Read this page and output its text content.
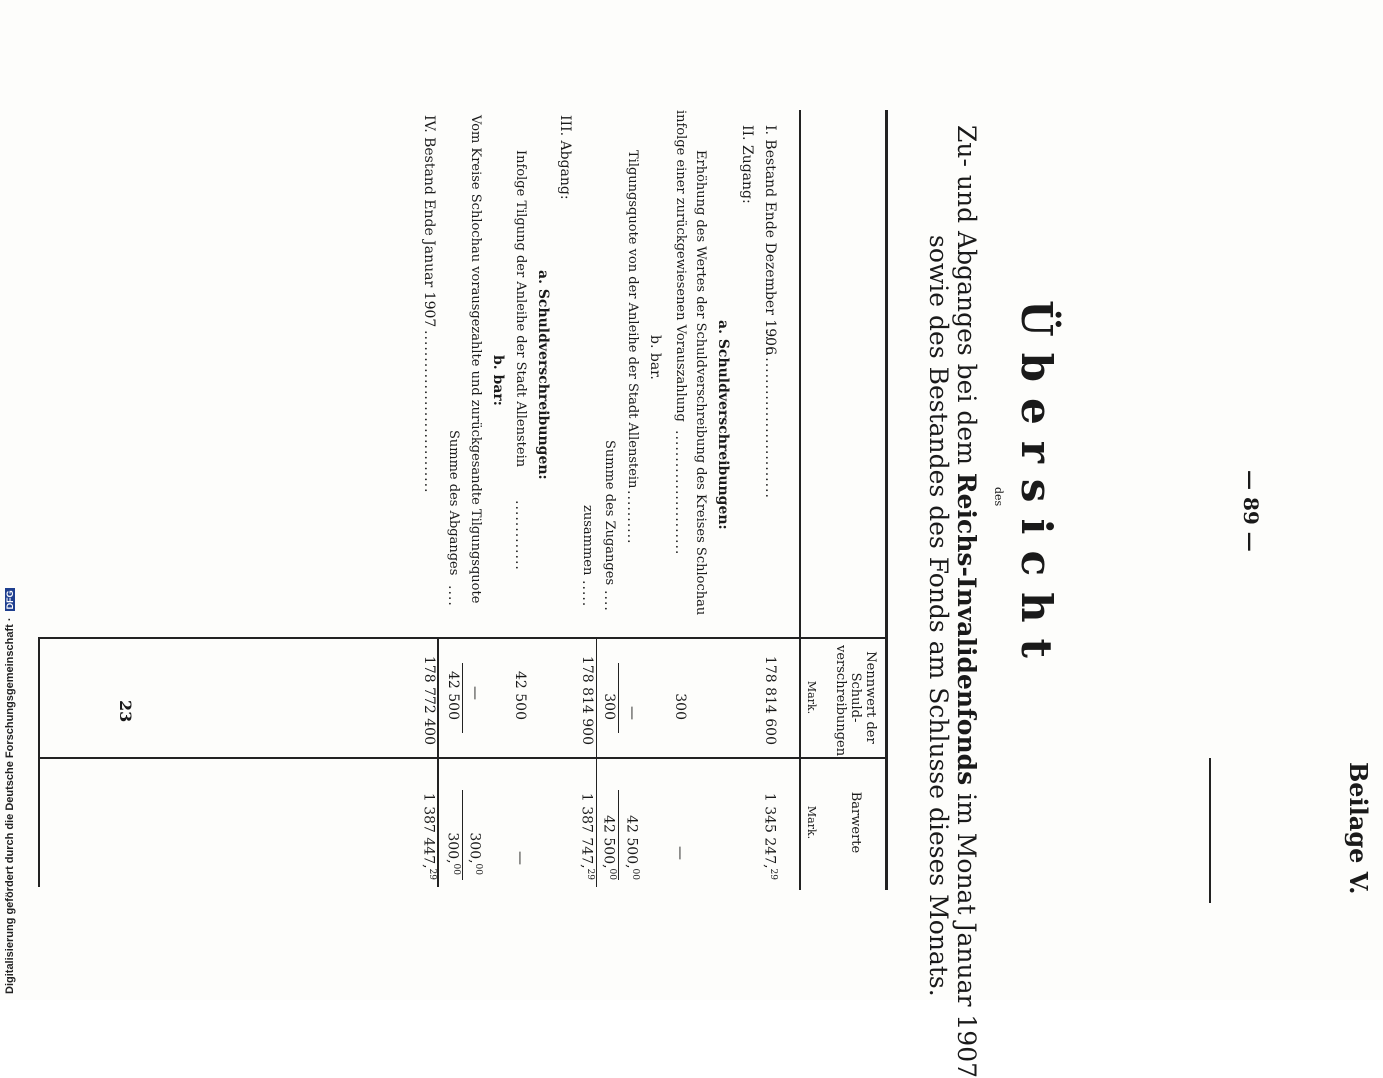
— 89 —
Beilage V.
Übersicht
des
Zu- und Abganges bei dem Reichs-Invalidenfonds im Monat Januar 1907
sowie des Bestandes des Fonds am Schlusse dieses Monats.
Nennwert der Schuld-verschreibungen
Mark.
Barwerte
Mark.
I. Bestand Ende Dezember 1906
...............................
178 814 600
1 345 247,29
II. Zugang:
a. Schuldverschreibungen:
Erhöhung des Wertes der Schuldverschreibung des Kreises Schlochau
infolge einer zurückgewiesenen Vorauszahlung
.......................
300
—
b. bar.
Tilgungsquote von der Anleihe der Stadt Allenstein
..........
—
42 500,00
Summe des Zuganges
....
300
42 500,00
zusammen
.....
178 814 900
1 387 747,29
III. Abgang:
a. Schuldverschreibungen:
Infolge Tilgung der Anleihe der Stadt Allenstein
.............
42 500
—
b. bar:
Vom Kreise Schlochau vorausgezahlte und zurückgesandte Tilgungsquote
—
300,00
Summe des Abganges
....
42 500
300,00
IV. Bestand Ende Januar 1907
..............................
178 772 400
1 387 447,29
23
Digitalisierung gefördert durch die Deutsche Forschungsgemeinschaft · DFG
